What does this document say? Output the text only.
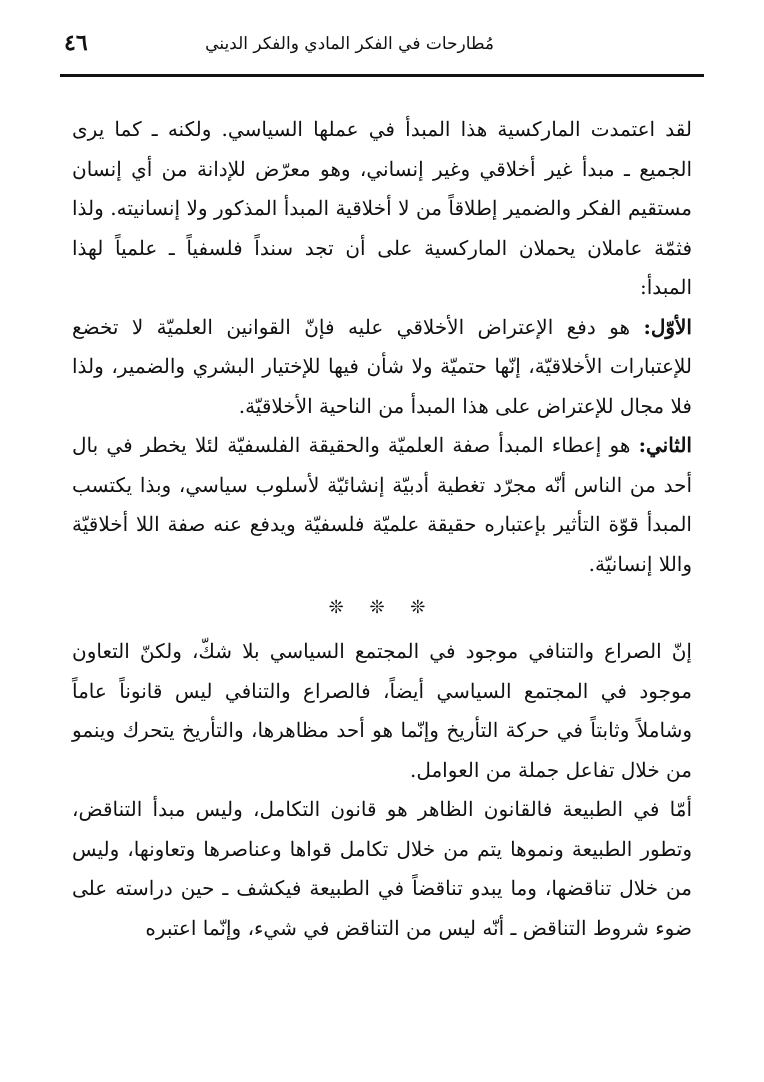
مُطارحات في الفكر المادي والفكر الديني
٤٦

لقد اعتمدت الماركسية هذا المبدأ في عملها السياسي. ولكنه ـ كما يرى الجميع ـ مبدأ غير أخلاقي وغير إنساني، وهو معرّض للإدانة من أي إنسان مستقيم الفكر والضمير إطلاقاً من لا أخلاقية المبدأ المذكور ولا إنسانيته. ولذا فثمّة عاملان يحملان الماركسية على أن تجد سنداً فلسفياً ـ علمياً لهذا المبدأ:

الأوّل: هو دفع الإعتراض الأخلاقي عليه فإنّ القوانين العلميّة لا تخضع للإعتبارات الأخلاقيّة، إنّها حتميّة ولا شأن فيها للإختيار البشري والضمير، ولذا فلا مجال للإعتراض على هذا المبدأ من الناحية الأخلاقيّة.

الثاني: هو إعطاء المبدأ صفة العلميّة والحقيقة الفلسفيّة لئلا يخطر في بال أحد من الناس أنّه مجرّد تغطية أدبيّة إنشائيّة لأسلوب سياسي، وبذا يكتسب المبدأ قوّة التأثير بإعتباره حقيقة علميّة فلسفيّة ويدفع عنه صفة اللا أخلاقيّة واللا إنسانيّة.

❊ ❊ ❊

إنّ الصراع والتنافي موجود في المجتمع السياسي بلا شكّ، ولكنّ التعاون موجود في المجتمع السياسي أيضاً، فالصراع والتنافي ليس قانوناً عاماً وشاملاً وثابتاً في حركة التأريخ وإنّما هو أحد مظاهرها، والتأريخ يتحرك وينمو من خلال تفاعل جملة من العوامل.

أمّا في الطبيعة فالقانون الظاهر هو قانون التكامل، وليس مبدأ التناقض، وتطور الطبيعة ونموها يتم من خلال تكامل قواها وعناصرها وتعاونها، وليس من خلال تناقضها، وما يبدو تناقضاً في الطبيعة فيكشف ـ حين دراسته على ضوء شروط التناقض ـ أنّه ليس من التناقض في شيء، وإنّما اعتبره
